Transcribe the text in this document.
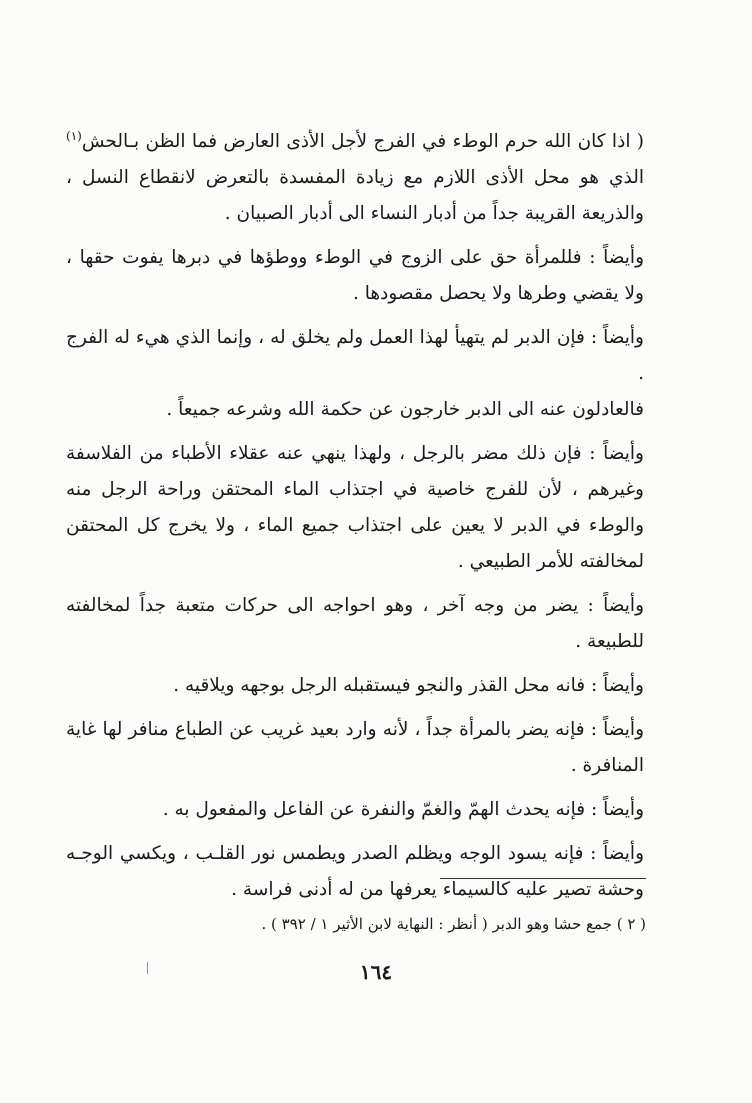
( اذا كان الله حرم الوطء في الفرج لأجل الأذى العارض فما الظن بـالحش$^{(١)}$ الذي هو محل الأذى اللازم مع زيادة المفسدة بالتعرض لانقطاع النسل ، والذريعة القريبة جداً من أدبار النساء الى أدبار الصبيان .

وأيضاً : فللمرأة حق على الزوج في الوطء ووطؤها في دبرها يفوت حقها ، ولا يقضي وطرها ولا يحصل مقصودها .

وأيضاً : فإن الدبر لم يتهيأ لهذا العمل ولم يخلق له ، وإنما الذي هيء له الفرج .

فالعادلون عنه الى الدبر خارجون عن حكمة الله وشرعه جميعاً .

وأيضاً : فإن ذلك مضر بالرجل ، ولهذا ينهي عنه عقلاء الأطباء من الفلاسفة وغيرهم ، لأن للفرج خاصية في اجتذاب الماء المحتقن وراحة الرجل منه والوطء في الدبر لا يعين على اجتذاب جميع الماء ، ولا يخرج كل المحتقن لمخالفته للأمر الطبيعي .

وأيضاً : يضر من وجه آخر ، وهو احواجه الى حركات متعبة جداً لمخالفته للطبيعة .

وأيضاً : فانه محل القذر والنجو فيستقبله الرجل بوجهه ويلاقيه .

وأيضاً : فإنه يضر بالمرأة جداً ، لأنه وارد بعيد غريب عن الطباع منافر لها غاية المنافرة .

وأيضاً : فإنه يحدث الهمّ والغمّ والنفرة عن الفاعل والمفعول به .

وأيضاً : فإنه يسود الوجه ويظلم الصدر ويطمس نور القلـب ، ويكسي الوجـه وحشة تصير عليه كالسيماء يعرفها من له أدنى فراسة .

( ٢ ) جمع حشا وهو الدبر ( أنظر : النهاية لابن الأثير ١ / ٣٩٢ ) .
١٦٤
